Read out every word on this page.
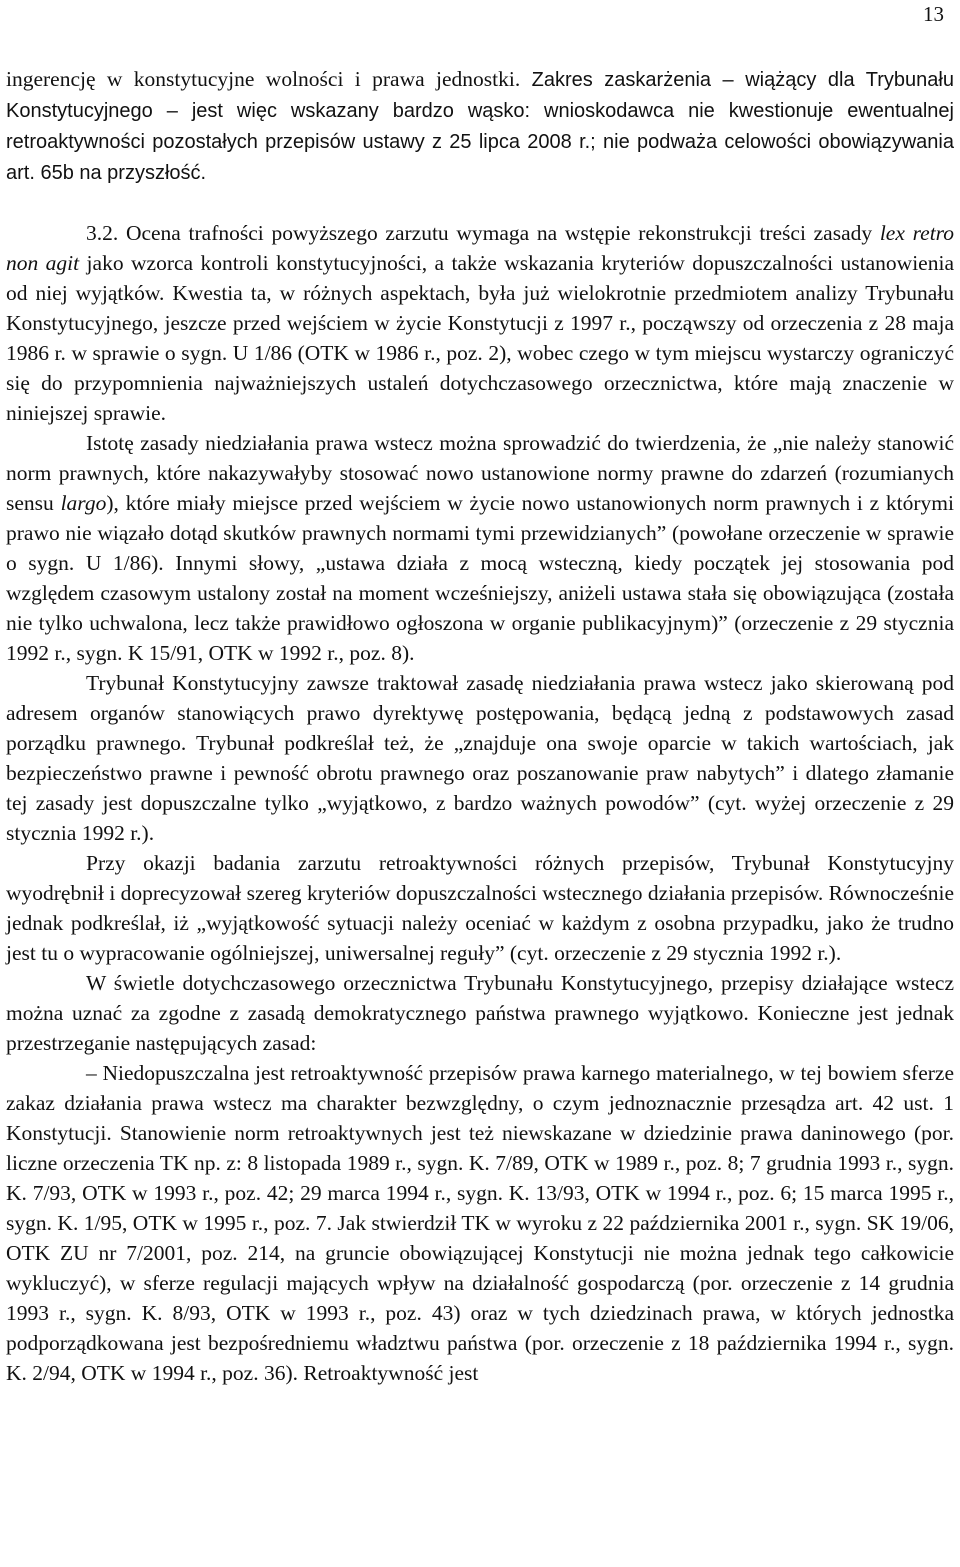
13

ingerencję w konstytucyjne wolności i prawa jednostki. Zakres zaskarżenia – wiążący dla Trybunału Konstytucyjnego – jest więc wskazany bardzo wąsko: wnioskodawca nie kwestionuje ewentualnej retroaktywności pozostałych przepisów ustawy z 25 lipca 2008 r.; nie podważa celowości obowiązywania art. 65b na przyszłość.

3.2. Ocena trafności powyższego zarzutu wymaga na wstępie rekonstrukcji treści zasady lex retro non agit jako wzorca kontroli konstytucyjności, a także wskazania kryteriów dopuszczalności ustanowienia od niej wyjątków. Kwestia ta, w różnych aspektach, była już wielokrotnie przedmiotem analizy Trybunału Konstytucyjnego, jeszcze przed wejściem w życie Konstytucji z 1997 r., począwszy od orzeczenia z 28 maja 1986 r. w sprawie o sygn. U 1/86 (OTK w 1986 r., poz. 2), wobec czego w tym miejscu wystarczy ograniczyć się do przypomnienia najważniejszych ustaleń dotychczasowego orzecznictwa, które mają znaczenie w niniejszej sprawie.

Istotę zasady niedziałania prawa wstecz można sprowadzić do twierdzenia, że „nie należy stanowić norm prawnych, które nakazywałyby stosować nowo ustanowione normy prawne do zdarzeń (rozumianych sensu largo), które miały miejsce przed wejściem w życie nowo ustanowionych norm prawnych i z którymi prawo nie wiązało dotąd skutków prawnych normami tymi przewidzianych” (powołane orzeczenie w sprawie o sygn. U 1/86). Innymi słowy, „ustawa działa z mocą wsteczną, kiedy początek jej stosowania pod względem czasowym ustalony został na moment wcześniejszy, aniżeli ustawa stała się obowiązująca (została nie tylko uchwalona, lecz także prawidłowo ogłoszona w organie publikacyjnym)” (orzeczenie z 29 stycznia 1992 r., sygn. K 15/91, OTK w 1992 r., poz. 8).

Trybunał Konstytucyjny zawsze traktował zasadę niedziałania prawa wstecz jako skierowaną pod adresem organów stanowiących prawo dyrektywę postępowania, będącą jedną z podstawowych zasad porządku prawnego. Trybunał podkreślał też, że „znajduje ona swoje oparcie w takich wartościach, jak bezpieczeństwo prawne i pewność obrotu prawnego oraz poszanowanie praw nabytych” i dlatego złamanie tej zasady jest dopuszczalne tylko „wyjątkowo, z bardzo ważnych powodów” (cyt. wyżej orzeczenie z 29 stycznia 1992 r.).

Przy okazji badania zarzutu retroaktywności różnych przepisów, Trybunał Konstytucyjny wyodrębnił i doprecyzował szereg kryteriów dopuszczalności wstecznego działania przepisów. Równocześnie jednak podkreślał, iż „wyjątkowość sytuacji należy oceniać w każdym z osobna przypadku, jako że trudno jest tu o wypracowanie ogólniejszej, uniwersalnej reguły” (cyt. orzeczenie z 29 stycznia 1992 r.).

W świetle dotychczasowego orzecznictwa Trybunału Konstytucyjnego, przepisy działające wstecz można uznać za zgodne z zasadą demokratycznego państwa prawnego wyjątkowo. Konieczne jest jednak przestrzeganie następujących zasad:

– Niedopuszczalna jest retroaktywność przepisów prawa karnego materialnego, w tej bowiem sferze zakaz działania prawa wstecz ma charakter bezwzględny, o czym jednoznacznie przesądza art. 42 ust. 1 Konstytucji. Stanowienie norm retroaktywnych jest też niewskazane w dziedzinie prawa daninowego (por. liczne orzeczenia TK np. z: 8 listopada 1989 r., sygn. K. 7/89, OTK w 1989 r., poz. 8; 7 grudnia 1993 r., sygn. K. 7/93, OTK w 1993 r., poz. 42; 29 marca 1994 r., sygn. K. 13/93, OTK w 1994 r., poz. 6; 15 marca 1995 r., sygn. K. 1/95, OTK w 1995 r., poz. 7. Jak stwierdził TK w wyroku z 22 października 2001 r., sygn. SK 19/06, OTK ZU nr 7/2001, poz. 214, na gruncie obowiązującej Konstytucji nie można jednak tego całkowicie wykluczyć), w sferze regulacji mających wpływ na działalność gospodarczą (por. orzeczenie z 14 grudnia 1993 r., sygn. K. 8/93, OTK w 1993 r., poz. 43) oraz w tych dziedzinach prawa, w których jednostka podporządkowana jest bezpośredniemu władztwu państwa (por. orzeczenie z 18 października 1994 r., sygn. K. 2/94, OTK w 1994 r., poz. 36). Retroaktywność jest
